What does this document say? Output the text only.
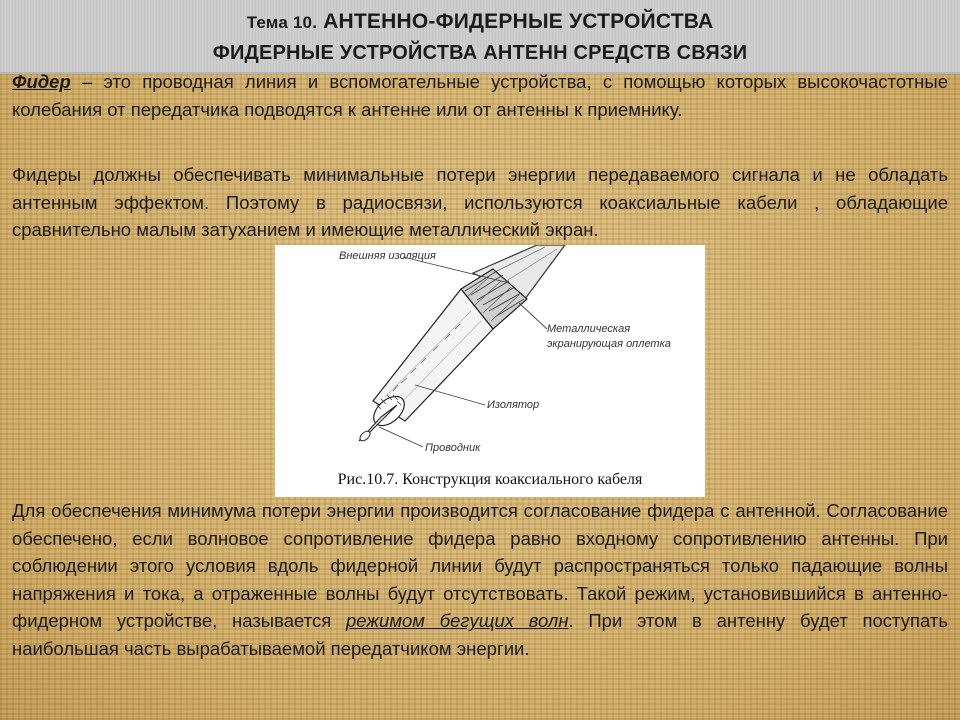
Тема 10. АНТЕННО-ФИДЕРНЫЕ УСТРОЙСТВА
ФИДЕРНЫЕ УСТРОЙСТВА АНТЕНН СРЕДСТВ СВЯЗИ
Фидер – это проводная линия и вспомогательные устройства, с помощью которых высокочастотные колебания от передатчика подводятся к антенне или от антенны к приемнику.
Фидеры должны обеспечивать минимальные потери энергии передаваемого сигнала и не обладать антенным эффектом. Поэтому в радиосвязи, используются коаксиальные кабели , обладающие сравнительно малым затуханием и имеющие металлический экран.
Внешняя изоляция
Металлическая экранирующая оплетка
Изолятор
Проводник
Рис.10.7. Конструкция коаксиального кабеля
Для обеспечения минимума потери энергии производится согласование фидера с антенной. Согласование обеспечено, если волновое сопротивление фидера равно входному сопротивлению антенны. При соблюдении этого условия вдоль фидерной линии будут распространяться только падающие волны напряжения и тока, а отраженные волны будут отсутствовать. Такой режим, установившийся в антенно-фидерном устройстве, называется режимом бегущих волн. При этом в антенну будет поступать наибольшая часть вырабатываемой передатчиком энергии.
